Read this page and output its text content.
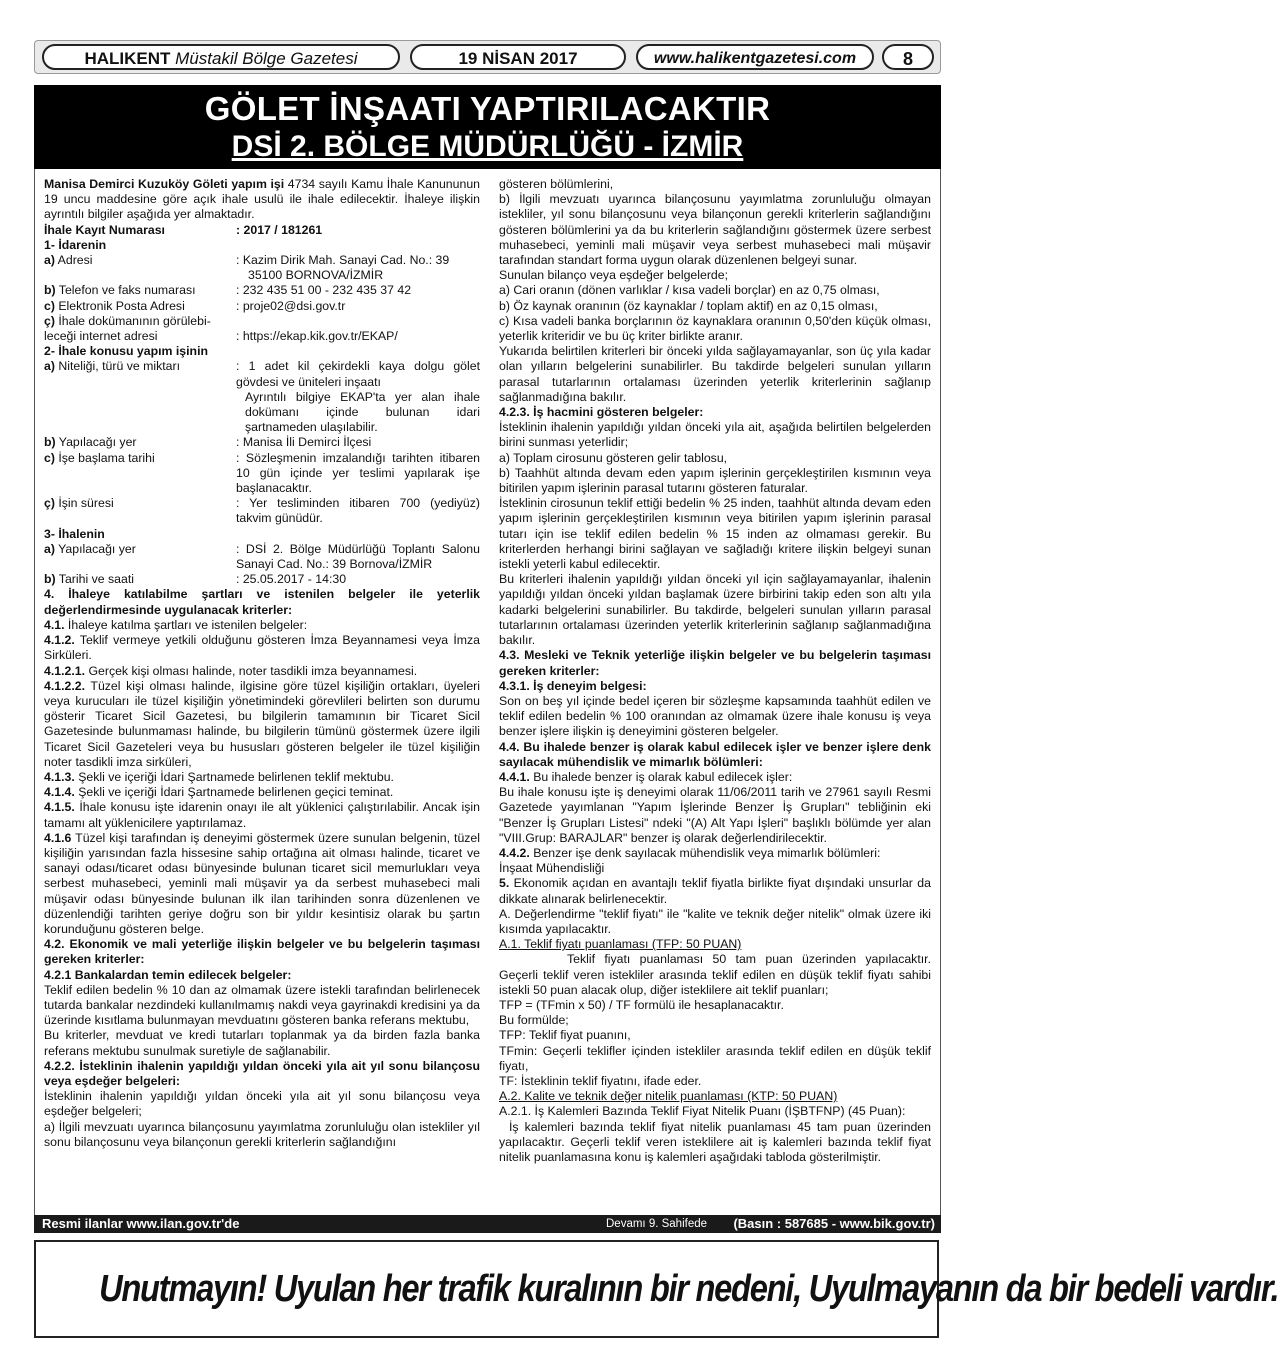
HALIKENT Müstakil Bölge Gazetesi	19 NİSAN 2017	www.halikentgazetesi.com	8
GÖLET İNŞAATI YAPTIRILACAKTIR
DSİ 2. BÖLGE MÜDÜRLÜĞÜ - İZMİR

Manisa Demirci Kuzuköy Göleti yapım işi 4734 sayılı Kamu İhale Kanununun 19 uncu maddesine göre açık ihale usulü ile ihale edilecektir. İhaleye ilişkin ayrıntılı bilgiler aşağıda yer almaktadır.

İhale Kayıt Numarası	: 2017 / 181261

1- İdarenin

a) Adresi	: Kazim Dirik Mah. Sanayi Cad. No.: 39
35100 BORNOVA/İZMİR
b) Telefon ve faks numarası	: 232 435 51 00 - 232 435 37 42
c) Elektronik Posta Adresi	: proje02@dsi.gov.tr
ç) İhale dokümanının görülebi-
leceği internet adresi	: https://ekap.kik.gov.tr/EKAP/

2- İhale konusu yapım işinin

a) Niteliği, türü ve miktarı	: 1 adet kil çekirdekli kaya dolgu gölet gövdesi ve üniteleri inşaatı

Ayrıntılı bilgiye EKAP'ta yer alan ihale dokümanı içinde bulunan idari şartnameden ulaşılabilir.
b) Yapılacağı yer	: Manisa İli Demirci İlçesi
c) İşe başlama tarihi	: Sözleşmenin imzalandığı tarihten itibaren 10 gün içinde yer teslimi yapılarak işe başlanacaktır.
ç) İşin süresi	: Yer tesliminden itibaren 700 (yediyüz) takvim günüdür.

3- İhalenin

a) Yapılacağı yer	: DSİ 2. Bölge Müdürlüğü Toplantı Salonu Sanayi Cad. No.: 39 Bornova/İZMİR
b) Tarihi ve saati	: 25.05.2017 - 14:30

4. İhaleye katılabilme şartları ve istenilen belgeler ile yeterlik değerlendirmesinde uygulanacak kriterler:

4.1. İhaleye katılma şartları ve istenilen belgeler:

4.1.2. Teklif vermeye yetkili olduğunu gösteren İmza Beyannamesi veya İmza Sirküleri.

4.1.2.1. Gerçek kişi olması halinde, noter tasdikli imza beyannamesi.

4.1.2.2. Tüzel kişi olması halinde, ilgisine göre tüzel kişiliğin ortakları, üyeleri veya kurucuları ile tüzel kişiliğin yönetimindeki görevlileri belirten son durumu gösterir Ticaret Sicil Gazetesi, bu bilgilerin tamamının bir Ticaret Sicil Gazetesinde bulunmaması halinde, bu bilgilerin tümünü göstermek üzere ilgili Ticaret Sicil Gazeteleri veya bu hususları gösteren belgeler ile tüzel kişiliğin noter tasdikli imza sirküleri,

4.1.3. Şekli ve içeriği İdari Şartnamede belirlenen teklif mektubu.

4.1.4. Şekli ve içeriği İdari Şartnamede belirlenen geçici teminat.

4.1.5. İhale konusu işte idarenin onayı ile alt yüklenici çalıştırılabilir. Ancak işin tamamı alt yüklenicilere yaptırılamaz.

4.1.6 Tüzel kişi tarafından iş deneyimi göstermek üzere sunulan belgenin, tüzel kişiliğin yarısından fazla hissesine sahip ortağına ait olması halinde, ticaret ve sanayi odası/ticaret odası bünyesinde bulunan ticaret sicil memurlukları veya serbest muhasebeci, yeminli mali müşavir ya da serbest muhasebeci mali müşavir odası bünyesinde bulunan ilk ilan tarihinden sonra düzenlenen ve düzenlendiği tarihten geriye doğru son bir yıldır kesintisiz olarak bu şartın korunduğunu gösteren belge.

4.2. Ekonomik ve mali yeterliğe ilişkin belgeler ve bu belgelerin taşıması gereken kriterler:

4.2.1 Bankalardan temin edilecek belgeler:

Teklif edilen bedelin % 10 dan az olmamak üzere istekli tarafından belirlenecek tutarda bankalar nezdindeki kullanılmamış nakdi veya gayrinakdi kredisini ya da üzerinde kısıtlama bulunmayan mevduatını gösteren banka referans mektubu,

Bu kriterler, mevduat ve kredi tutarları toplanmak ya da birden fazla banka referans mektubu sunulmak suretiyle de sağlanabilir.

4.2.2. İsteklinin ihalenin yapıldığı yıldan önceki yıla ait yıl sonu bilançosu veya eşdeğer belgeleri:

İsteklinin ihalenin yapıldığı yıldan önceki yıla ait yıl sonu bilançosu veya eşdeğer belgeleri;

a) İlgili mevzuatı uyarınca bilançosunu yayımlatma zorunluluğu olan istekliler yıl sonu bilançosunu veya bilançonun gerekli kriterlerin sağlandığını

gösteren bölümlerini,

b) İlgili mevzuatı uyarınca bilançosunu yayımlatma zorunluluğu olmayan istekliler, yıl sonu bilançosunu veya bilançonun gerekli kriterlerin sağlandığını gösteren bölümlerini ya da bu kriterlerin sağlandığını göstermek üzere serbest muhasebeci, yeminli mali müşavir veya serbest muhasebeci mali müşavir tarafından standart forma uygun olarak düzenlenen belgeyi sunar.

Sunulan bilanço veya eşdeğer belgelerde;

a) Cari oranın (dönen varlıklar / kısa vadeli borçlar) en az 0,75 olması,

b) Öz kaynak oranının (öz kaynaklar / toplam aktif) en az 0,15 olması,

c) Kısa vadeli banka borçlarının öz kaynaklara oranının 0,50'den küçük olması, yeterlik kriteridir ve bu üç kriter birlikte aranır.

Yukarıda belirtilen kriterleri bir önceki yılda sağlayamayanlar, son üç yıla kadar olan yılların belgelerini sunabilirler. Bu takdirde belgeleri sunulan yılların parasal tutarlarının ortalaması üzerinden yeterlik kriterlerinin sağlanıp sağlanmadığına bakılır.

4.2.3. İş hacmini gösteren belgeler:

İsteklinin ihalenin yapıldığı yıldan önceki yıla ait, aşağıda belirtilen belgelerden birini sunması yeterlidir;

a) Toplam cirosunu gösteren gelir tablosu,

b) Taahhüt altında devam eden yapım işlerinin gerçekleştirilen kısmının veya bitirilen yapım işlerinin parasal tutarını gösteren faturalar.

İsteklinin cirosunun teklif ettiği bedelin % 25 inden, taahhüt altında devam eden yapım işlerinin gerçekleştirilen kısmının veya bitirilen yapım işlerinin parasal tutarı için ise teklif edilen bedelin % 15 inden az olmaması gerekir. Bu kriterlerden herhangi birini sağlayan ve sağladığı kritere ilişkin belgeyi sunan istekli yeterli kabul edilecektir.

Bu kriterleri ihalenin yapıldığı yıldan önceki yıl için sağlayamayanlar, ihalenin yapıldığı yıldan önceki yıldan başlamak üzere birbirini takip eden son altı yıla kadarki belgelerini sunabilirler. Bu takdirde, belgeleri sunulan yılların parasal tutarlarının ortalaması üzerinden yeterlik kriterlerinin sağlanıp sağlanmadığına bakılır.

4.3. Mesleki ve Teknik yeterliğe ilişkin belgeler ve bu belgelerin taşıması gereken kriterler:

4.3.1. İş deneyim belgesi:

Son on beş yıl içinde bedel içeren bir sözleşme kapsamında taahhüt edilen ve teklif edilen bedelin % 100 oranından az olmamak üzere ihale konusu iş veya benzer işlere ilişkin iş deneyimini gösteren belgeler.

4.4. Bu ihalede benzer iş olarak kabul edilecek işler ve benzer işlere denk sayılacak mühendislik ve mimarlık bölümleri:

4.4.1. Bu ihalede benzer iş olarak kabul edilecek işler:

Bu ihale konusu işte iş deneyimi olarak 11/06/2011 tarih ve 27961 sayılı Resmi Gazetede yayımlanan "Yapım İşlerinde Benzer İş Grupları" tebliğinin eki "Benzer İş Grupları Listesi" ndeki "(A) Alt Yapı İşleri" başlıklı bölümde yer alan "VIII.Grup: BARAJLAR" benzer iş olarak değerlendirilecektir.

4.4.2. Benzer işe denk sayılacak mühendislik veya mimarlık bölümleri:

İnşaat Mühendisliği

5. Ekonomik açıdan en avantajlı teklif fiyatla birlikte fiyat dışındaki unsurlar da dikkate alınarak belirlenecektir.

A. Değerlendirme "teklif fiyatı" ile "kalite ve teknik değer nitelik" olmak üzere iki kısımda yapılacaktır.

A.1. Teklif fiyatı puanlaması (TFP: 50 PUAN)

Teklif fiyatı puanlaması 50 tam puan üzerinden yapılacaktır. Geçerli teklif veren istekliler arasında teklif edilen en düşük teklif fiyatı sahibi istekli 50 puan alacak olup, diğer isteklilere ait teklif puanları;

TFP = (TFmin x 50) / TF formülü ile hesaplanacaktır.

Bu formülde;

TFP: Teklif fiyat puanını,

TFmin: Geçerli teklifler içinden istekliler arasında teklif edilen en düşük teklif fiyatı,

TF: İsteklinin teklif fiyatını, ifade eder.

A.2. Kalite ve teknik değer nitelik puanlaması (KTP: 50 PUAN)

A.2.1. İş Kalemleri Bazında Teklif Fiyat Nitelik Puanı (İŞBTFNP) (45 Puan):

İş kalemleri bazında teklif fiyat nitelik puanlaması 45 tam puan üzerinden yapılacaktır. Geçerli teklif veren isteklilere ait iş kalemleri bazında teklif fiyat nitelik puanlamasına konu iş kalemleri aşağıdaki tabloda gösterilmiştir.

Resmi ilanlar www.ilan.gov.tr'de	Devamı 9. Sahifede (Basın : 587685 - www.bik.gov.tr)
Unutmayın! Uyulan her trafik kuralının bir nedeni, Uyulmayanın da bir bedeli vardır.
